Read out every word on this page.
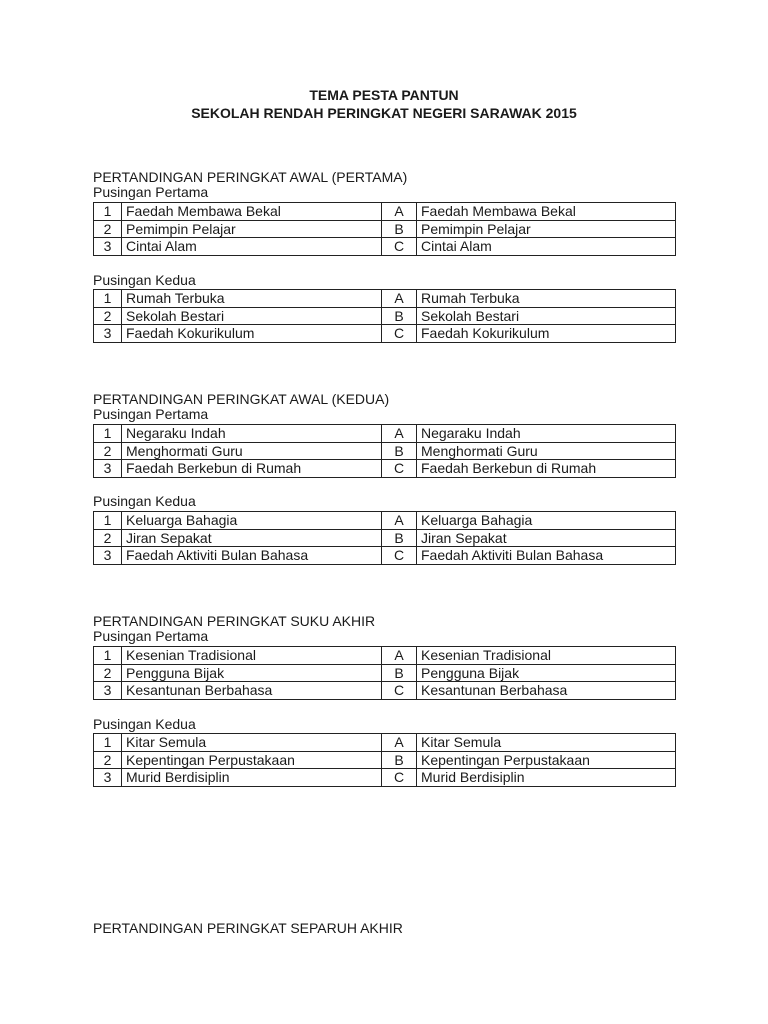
TEMA PESTA PANTUN
SEKOLAH RENDAH PERINGKAT NEGERI SARAWAK 2015
PERTANDINGAN PERINGKAT AWAL (PERTAMA)
Pusingan Pertama
1	Faedah Membawa Bekal	A	Faedah Membawa Bekal
2	Pemimpin Pelajar	B	Pemimpin Pelajar
3	Cintai Alam	C	Cintai Alam
Pusingan Kedua
1	Rumah Terbuka	A	Rumah Terbuka
2	Sekolah Bestari	B	Sekolah Bestari
3	Faedah Kokurikulum	C	Faedah Kokurikulum
PERTANDINGAN PERINGKAT AWAL (KEDUA)
Pusingan Pertama
1	Negaraku Indah	A	Negaraku Indah
2	Menghormati Guru	B	Menghormati Guru
3	Faedah Berkebun di Rumah	C	Faedah Berkebun di Rumah
Pusingan Kedua
1	Keluarga Bahagia	A	Keluarga Bahagia
2	Jiran Sepakat	B	Jiran Sepakat
3	Faedah Aktiviti Bulan Bahasa	C	Faedah Aktiviti Bulan Bahasa
PERTANDINGAN PERINGKAT SUKU AKHIR
Pusingan Pertama
1	Kesenian Tradisional	A	Kesenian Tradisional
2	Pengguna Bijak	B	Pengguna Bijak
3	Kesantunan Berbahasa	C	Kesantunan Berbahasa
Pusingan Kedua
1	Kitar Semula	A	Kitar Semula
2	Kepentingan Perpustakaan	B	Kepentingan Perpustakaan
3	Murid Berdisiplin	C	Murid Berdisiplin
PERTANDINGAN PERINGKAT SEPARUH AKHIR
